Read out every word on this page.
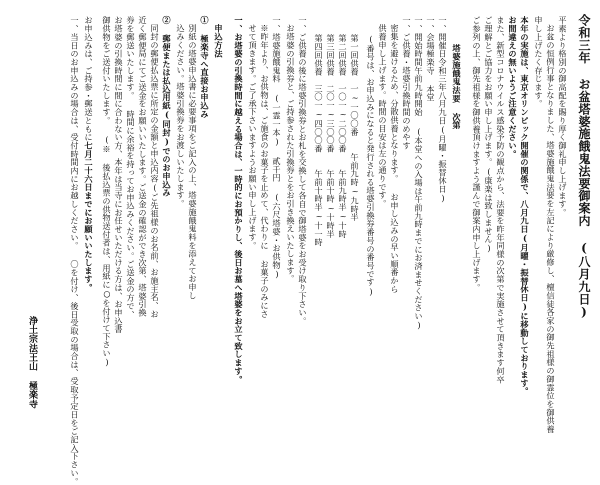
令和三年 お盆塔婆施餓鬼法要御案内 (八月九日)
平素より格別の御高配を賜り厚く御礼申し上げます。
お盆の恒例行事となりました、塔婆施餓鬼法要を左記により厳修し、檀信徒各家の御先祖様の御霊位を御供養
申し上げたく存じます。
本年の実施は、東京オリンピック開催の関係で、八月九日(月曜・振替休日)に移動しております。
お間違えの無いようご注意ください。
また、新型コロナウイルス感染予防の観点から、法要を昨年同様の次第で実施させて頂きます何卒
ご理解とご協力をお願い申し上げます。(康楽は致しません)
ご参列の上、御先祖様を御供養頂けますよう謹んで御案内申し上げます。
塔婆施餓鬼法要 次第
一、開催日令和三年八月九日(月曜・振替休日)
一、会場極楽寺 本堂
一、開始時間午前九時開始 (本堂への入場は午前九時までにお済ませください)
一、ご供養・塔婆引換時間のめやす
密集を避けるため、分散供養となります。 お申し込みの早い順番から
供養申し上げます。時間の目安は左の通りです。
(番号は、お申込みになると発行される塔婆引換券番号の番号です)
第一回供養　一~一〇〇番　　午前九時~九時半
第二回供養　一〇一~二〇〇番　　午前九時半~十時
第三回供養　二〇一~三〇〇番　　午前十時~十時半
第四回供養　三〇一~四〇〇番　　午前十時半~十一時
一、ご供養の後に塔婆引換券とお札を交換して各自で御塔婆をお受け取り下さい。
お塔婆の引換券と、ご持参された引換券とをお引き換えいたします。
一、塔婆施餓鬼料 (一霊一本) 貳千円 (六尺塔婆・お供物)
※昨年より、お供物は、ご施食のお菓子を止めて、代わりに お菓子のみにさ
せて頂きます。ご了承下さいますようお願い申し上げます。
一、お塔婆の引換時間に越える場合は、一時的にお預かりし、後日お墓へ塔婆をお立て致します。
申込方法
① 極楽寺へ直接お申込み
別紙の塔婆申込書に必要事項をご記入の上、塔婆施餓鬼料を添えてお申し
込みください。塔婆引換券をお渡しいたします。
② 郵便または払込用紙(同封)でのお申込み
同封の郵便払込票に所定の金額と申込内容(ご先祖様のお名前、お施主名、お
近く郵便局にてご送金をお願いいたします。ご送金の確認ができ次第、塔婆引換
券を郵送いたします。 時間に余裕を持ってお申込みください。ご送金の方で、
お塔婆の引換時間に間に合わない方、本年は当寺にお任せいただける方は、お申込書
御供物をご送付いたします。 (※ 後払込票の供物送付者は、用紙に○を付けて下さい)
お申込みは、ご持参・郵送ともに七月二十六日までにお願いいたします。
一、当日のお申込みの場合は、受付時間内にお越しください。 〇を付け、後日受取の場合は、受取予定日をご記入下さい。
浄土宗法王山 極楽寺
